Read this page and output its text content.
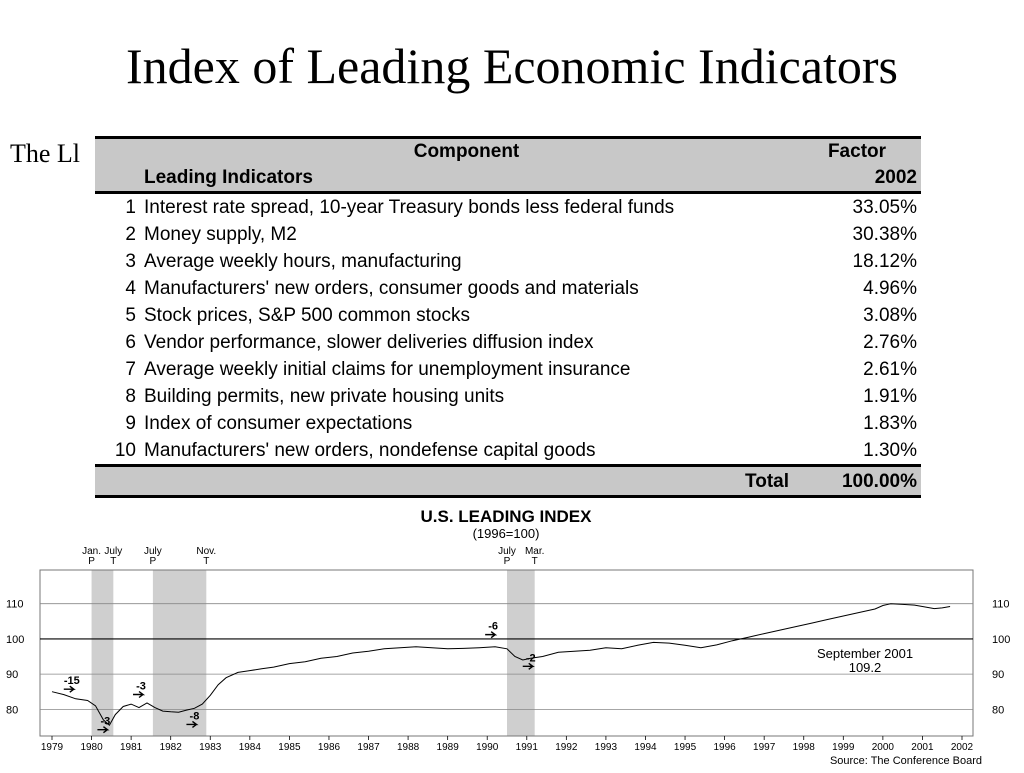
Index of Leading Economic Indicators
The Ll
		Component	Factor
	Leading Indicators	2002
1	Interest rate spread, 10-year Treasury bonds less federal funds	33.05%
2	Money supply, M2	30.38%
3	Average weekly hours, manufacturing	18.12%
4	Manufacturers' new orders, consumer goods and materials	4.96%
5	Stock prices, S&P 500 common stocks	3.08%
6	Vendor performance, slower deliveries diffusion index	2.76%
7	Average weekly initial claims for unemployment insurance	2.61%
8	Building permits, new private housing units	1.91%
9	Index of consumer expectations	1.83%
10	Manufacturers' new orders, nondefense capital goods	1.30%
	Total	100.00%
U.S. LEADING INDEX
(1996=100)
Jan.
P
July
T
July
P
Nov.
T
July
P
Mar.
T
80	80
90	90
100	100
110	110
1979 1980 1981 1982 1983 1984 1985 1986 1987 1988 1989 1990 1991 1992 1993 1994 1995 1996 1997 1998 1999 2000 2001 2002
-15
-3
-3
-8
-6
-2	September 2001
109.2
Source: The Conference Board
